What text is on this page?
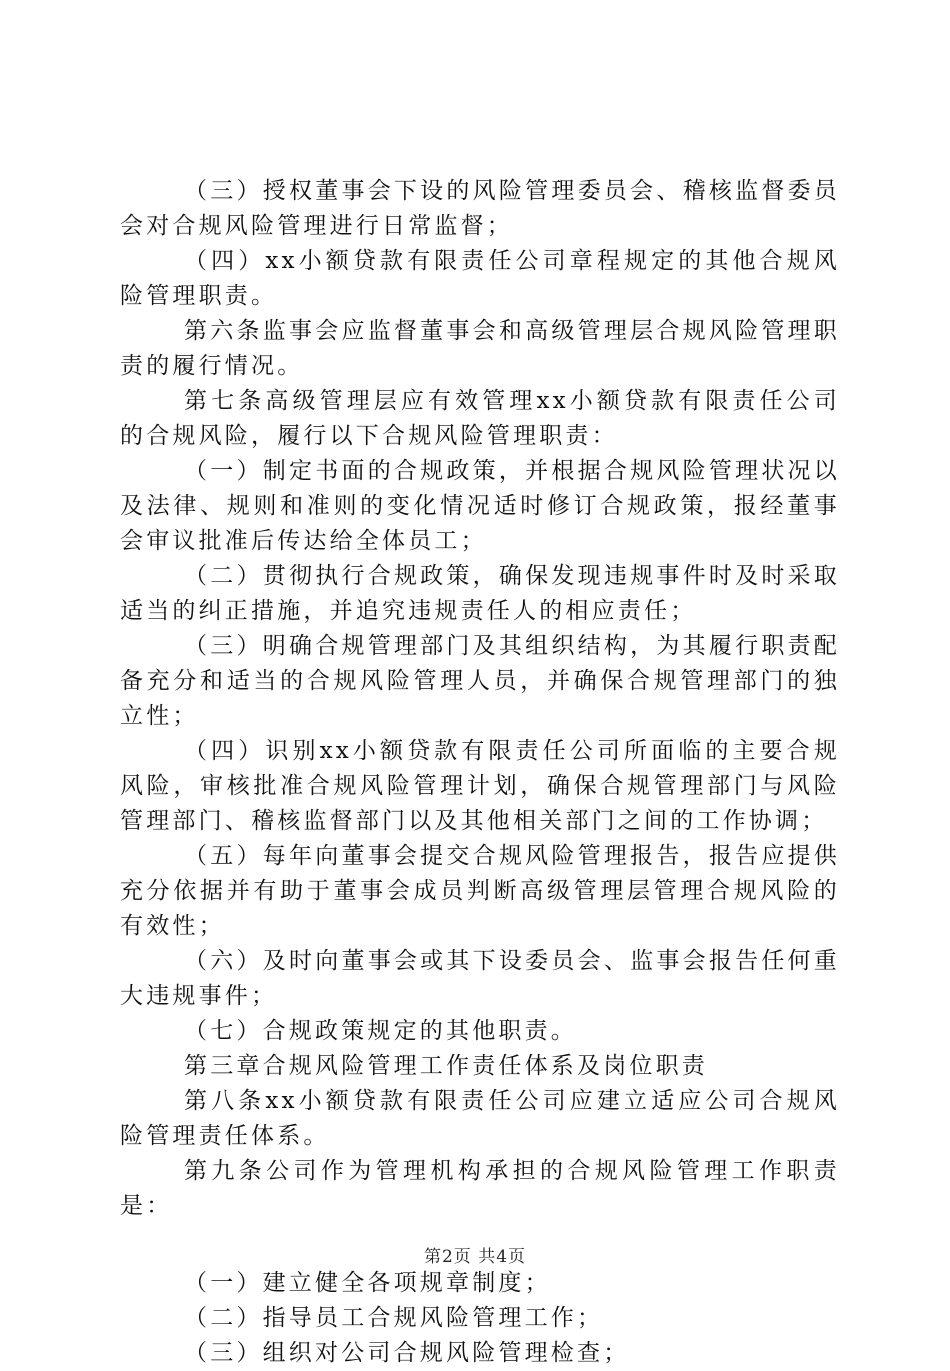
（三）授权董事会下设的风险管理委员会、稽核监督委员会对合规风险管理进行日常监督；

（四）xx小额贷款有限责任公司章程规定的其他合规风险管理职责。

第六条监事会应监督董事会和高级管理层合规风险管理职责的履行情况。

第七条高级管理层应有效管理xx小额贷款有限责任公司的合规风险，履行以下合规风险管理职责：

（一）制定书面的合规政策，并根据合规风险管理状况以及法律、规则和准则的变化情况适时修订合规政策，报经董事会审议批准后传达给全体员工；

（二）贯彻执行合规政策，确保发现违规事件时及时采取适当的纠正措施，并追究违规责任人的相应责任；

（三）明确合规管理部门及其组织结构，为其履行职责配备充分和适当的合规风险管理人员，并确保合规管理部门的独立性；

（四）识别xx小额贷款有限责任公司所面临的主要合规风险，审核批准合规风险管理计划，确保合规管理部门与风险管理部门、稽核监督部门以及其他相关部门之间的工作协调；

（五）每年向董事会提交合规风险管理报告，报告应提供充分依据并有助于董事会成员判断高级管理层管理合规风险的有效性；

（六）及时向董事会或其下设委员会、监事会报告任何重大违规事件；

（七）合规政策规定的其他职责。

第三章合规风险管理工作责任体系及岗位职责

第八条xx小额贷款有限责任公司应建立适应公司合规风险管理责任体系。

第九条公司作为管理机构承担的合规风险管理工作职责是：

（一）建立健全各项规章制度；

（二）指导员工合规风险管理工作；

（三）组织对公司合规风险管理检查；

第2页 共4页
